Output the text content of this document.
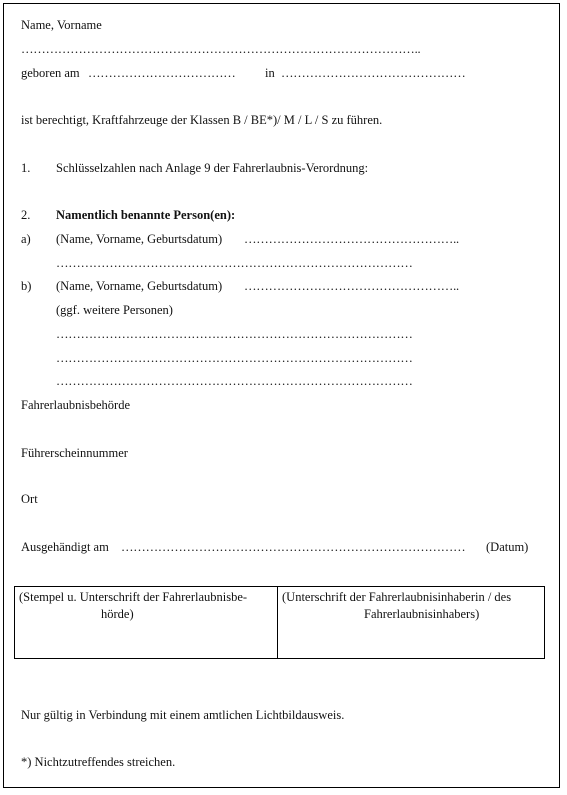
Name, Vorname
……………………………………………………………………………………..
geboren am ……………………………… in ………………………………………
ist berechtigt, Kraftfahrzeuge der Klassen B / BE*)/ M / L / S zu führen.
1. Schlüsselzahlen nach Anlage 9 der Fahrerlaubnis-Verordnung:
2. Namentlich benannte Person(en):
a) (Name, Vorname, Geburtsdatum) ……………………………………………..
……………………………………………………………………………
b) (Name, Vorname, Geburtsdatum) ……………………………………………..
(ggf. weitere Personen)
……………………………………………………………………………
……………………………………………………………………………
……………………………………………………………………………
Fahrerlaubnisbehörde
Führerscheinnummer
Ort
Ausgehändigt am ………………………………………………………………………… (Datum)
(Stempel u. Unterschrift der Fahrerlaubnisbe-
hörde)
(Unterschrift der Fahrerlaubnisinhaberin / des
Fahrerlaubnisinhabers)
Nur gültig in Verbindung mit einem amtlichen Lichtbildausweis.
*) Nichtzutreffendes streichen.
